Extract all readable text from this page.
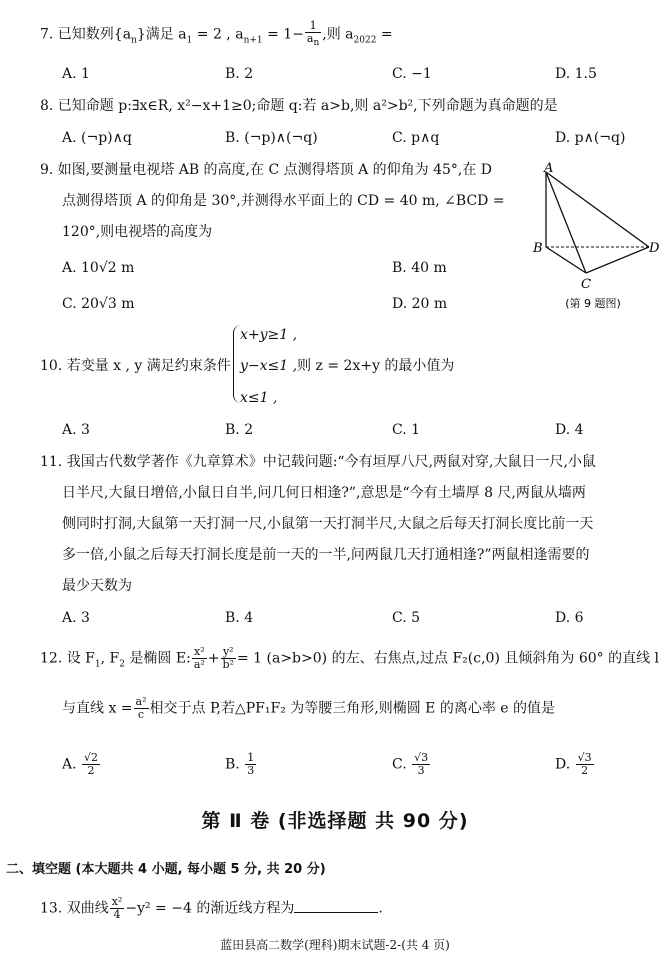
7. 已知数列$\{a_n\}$满足 $a_1 = 2$ , $a_{n+1} = 1- \frac{1}{a_n}$ ,则 $a_{2022}$ =
A. 1	B. 2	C. −1	D. 1.5
8. 已知命题 p:∃x∈R, x²−x+1≥0;命题 q:若 a>b,则 a²>b²,下列命题为真命题的是
A. (¬p)∧q	B. (¬p)∧(¬q)	C. p∧q	D. p∧(¬q)
9. 如图,要测量电视塔 AB 的高度,在 C 点测得塔顶 A 的仰角为 45°,在 D
点测得塔顶 A 的仰角是 30°,并测得水平面上的 CD = 40 m, ∠BCD =
120°,则电视塔的高度为
A. 10√2 m	B. 40 m
C. 20√3 m	D. 20 m
A
B
C
D
(第 9 题图)
10. 若变量 x , y 满足约束条件
x+y≥1 ,
y−x≤1 ,则 z = 2x+y 的最小值为
x≤1 ,
A. 3	B. 2	C. 1	D. 4
11. 我国古代数学著作《九章算术》中记载问题:“今有垣厚八尺,两鼠对穿,大鼠日一尺,小鼠
日半尺,大鼠日增倍,小鼠日自半,问几何日相逢?”,意思是“今有土墙厚 8 尺,两鼠从墙两
侧同时打洞,大鼠第一天打洞一尺,小鼠第一天打洞半尺,大鼠之后每天打洞长度比前一天
多一倍,小鼠之后每天打洞长度是前一天的一半,问两鼠几天打通相逢?”两鼠相逢需要的
最少天数为
A. 3	B. 4	C. 5	D. 6
12. 设 $F_1$, $F_2$ 是椭圆 E: $\frac{\text{x²}}{\text{a²}} + \frac{\text{y²}}{\text{b²}} = 1$ (a>b>0) 的左、右焦点,过点 F₂(c,0) 且倾斜角为 60° 的直线 l
与直线 $x = \frac{\text{a²}}{c}$ 相交于点 P,若△PF₁F₂ 为等腰三角形,则椭圆 E 的离心率 e 的值是
A. $\frac{√2}{2}$	B. $\frac{1}{3}$	C. $\frac{√3}{3}$	D. $\frac{√3}{2}$
第 Ⅱ 卷 (非选择题 共 90 分)
二、填空题 (本大题共 4 小题, 每小题 5 分, 共 20 分)
13. 双曲线 $\frac{\text{x²}}{4} -y^2 = -4$ 的渐近线方程为	.
蓝田县高二数学(理科)期末试题-2-(共 4 页)
